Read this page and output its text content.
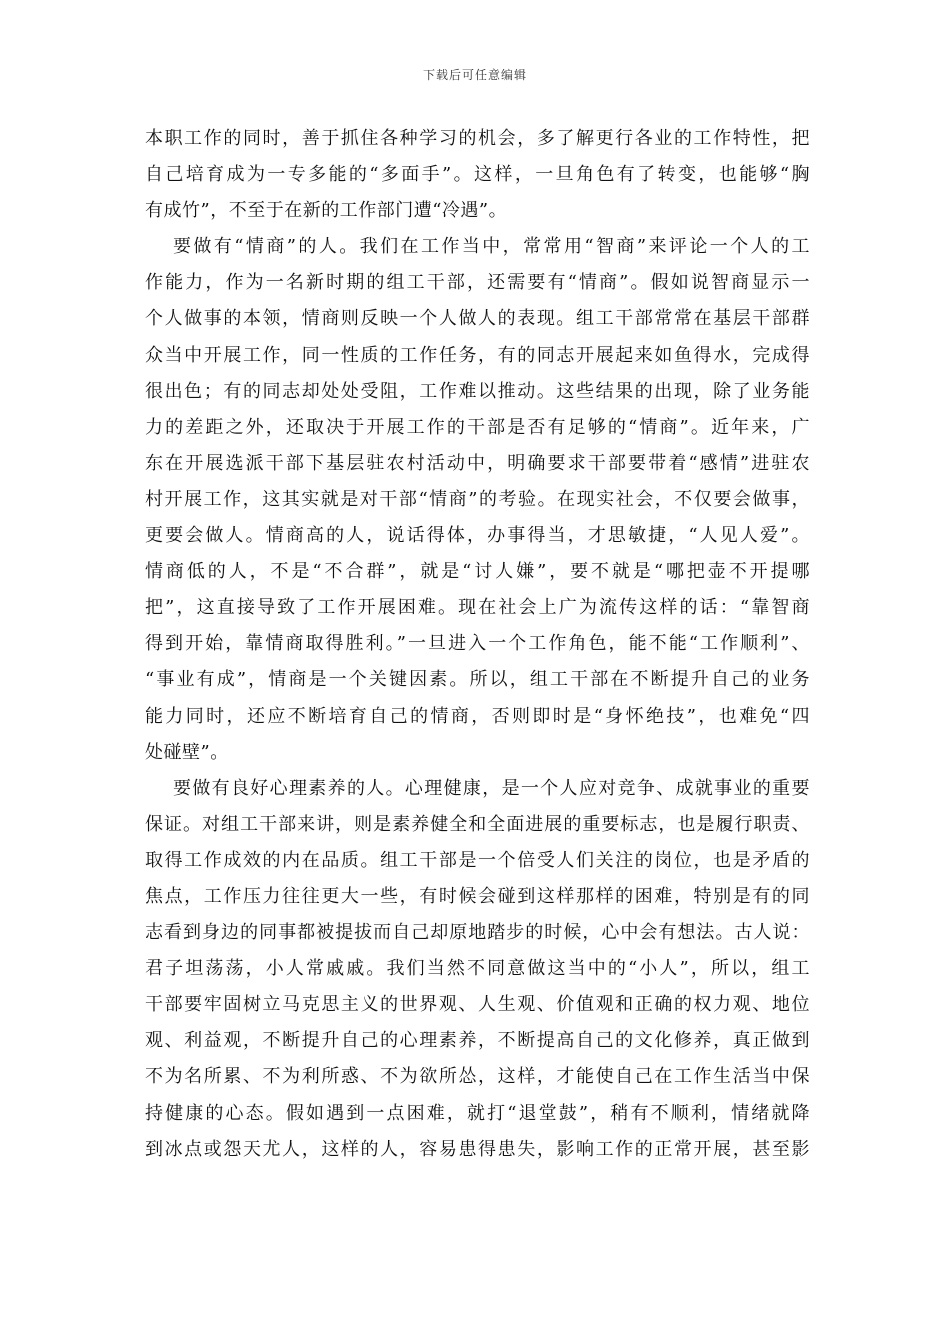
下载后可任意编辑
本职工作的同时，善于抓住各种学习的机会，多了解更行各业的工作特性，把
自己培育成为一专多能的“多面手”。这样，一旦角色有了转变，也能够“胸
有成竹”，不至于在新的工作部门遭“冷遇”。
要做有“情商”的人。我们在工作当中，常常用“智商”来评论一个人的工
作能力，作为一名新时期的组工干部，还需要有“情商”。假如说智商显示一
个人做事的本领，情商则反映一个人做人的表现。组工干部常常在基层干部群
众当中开展工作，同一性质的工作任务，有的同志开展起来如鱼得水，完成得
很出色；有的同志却处处受阻，工作难以推动。这些结果的出现，除了业务能
力的差距之外，还取决于开展工作的干部是否有足够的“情商”。近年来，广
东在开展选派干部下基层驻农村活动中，明确要求干部要带着“感情”进驻农
村开展工作，这其实就是对干部“情商”的考验。在现实社会，不仅要会做事，
更要会做人。情商高的人，说话得体，办事得当，才思敏捷，“人见人爱”。
情商低的人，不是“不合群”，就是“讨人嫌”，要不就是“哪把壶不开提哪
把”，这直接导致了工作开展困难。现在社会上广为流传这样的话：“靠智商
得到开始，靠情商取得胜利。”一旦进入一个工作角色，能不能“工作顺利”、
“事业有成”，情商是一个关键因素。所以，组工干部在不断提升自己的业务
能力同时，还应不断培育自己的情商，否则即时是“身怀绝技”，也难免“四
处碰壁”。
要做有良好心理素养的人。心理健康，是一个人应对竞争、成就事业的重要
保证。对组工干部来讲，则是素养健全和全面进展的重要标志，也是履行职责、
取得工作成效的内在品质。组工干部是一个倍受人们关注的岗位，也是矛盾的
焦点，工作压力往往更大一些，有时候会碰到这样那样的困难，特别是有的同
志看到身边的同事都被提拔而自己却原地踏步的时候，心中会有想法。古人说：
君子坦荡荡，小人常戚戚。我们当然不同意做这当中的“小人”，所以，组工
干部要牢固树立马克思主义的世界观、人生观、价值观和正确的权力观、地位
观、利益观，不断提升自己的心理素养，不断提高自己的文化修养，真正做到
不为名所累、不为利所惑、不为欲所怂，这样，才能使自己在工作生活当中保
持健康的心态。假如遇到一点困难，就打“退堂鼓”，稍有不顺利，情绪就降
到冰点或怨天尤人，这样的人，容易患得患失，影响工作的正常开展，甚至影
